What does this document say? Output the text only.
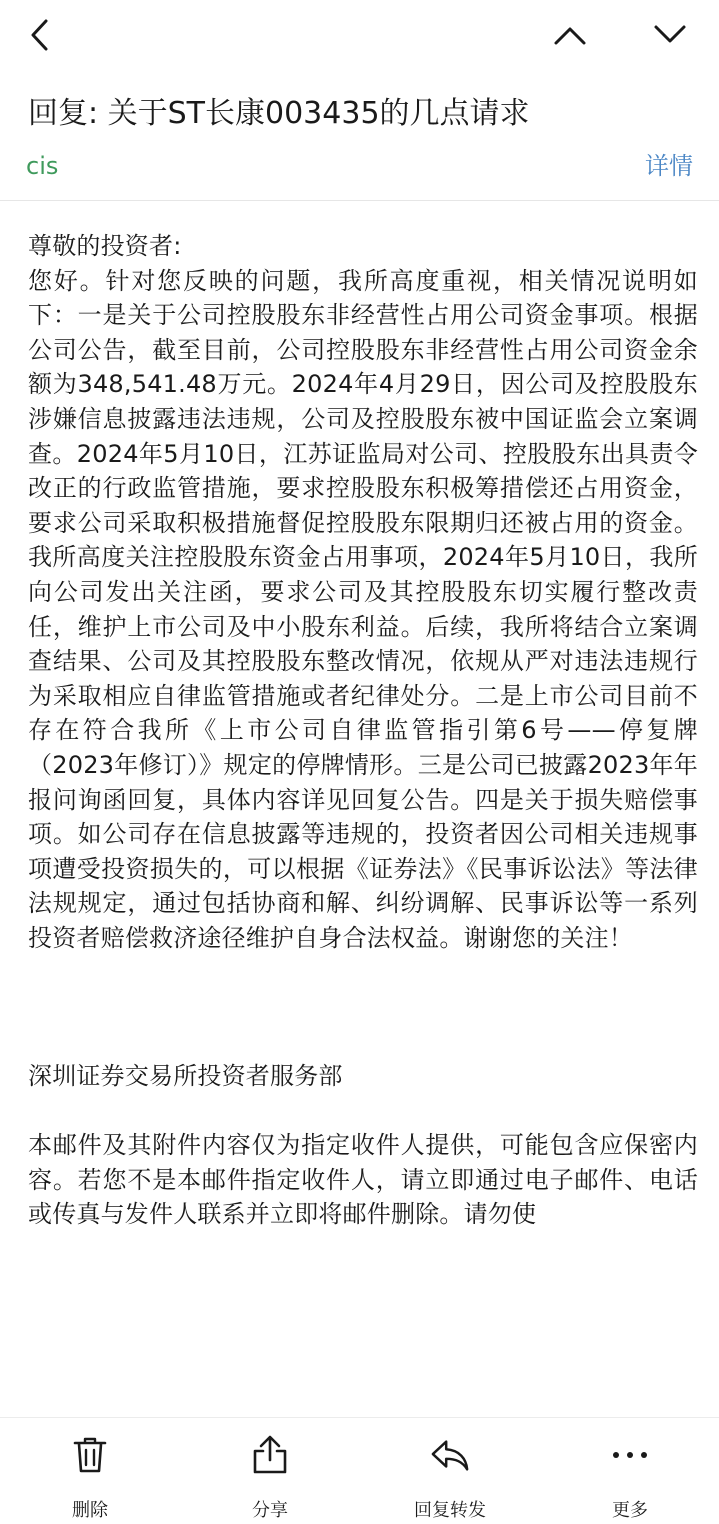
回复: 关于ST长康003435的几点请求
cis	详情

尊敬的投资者:

您好。针对您反映的问题，我所高度重视，相关情况说明如下：一是关于公司控股股东非经营性占用公司资金事项。根据公司公告，截至目前，公司控股股东非经营性占用公司资金余额为348,541.48万元。2024年4月29日，因公司及控股股东涉嫌信息披露违法违规，公司及控股股东被中国证监会立案调查。2024年5月10日，江苏证监局对公司、控股股东出具责令改正的行政监管措施，要求控股股东积极筹措偿还占用资金，要求公司采取积极措施督促控股股东限期归还被占用的资金。我所高度关注控股股东资金占用事项，2024年5月10日，我所向公司发出关注函，要求公司及其控股股东切实履行整改责任，维护上市公司及中小股东利益。后续，我所将结合立案调查结果、公司及其控股股东整改情况，依规从严对违法违规行为采取相应自律监管措施或者纪律处分。二是上市公司目前不存在符合我所《上市公司自律监管指引第6号——停复牌（2023年修订）》规定的停牌情形。三是公司已披露2023年年报问询函回复，具体内容详见回复公告。四是关于损失赔偿事项。如公司存在信息披露等违规的，投资者因公司相关违规事项遭受投资损失的，可以根据《证券法》《民事诉讼法》等法律法规规定，通过包括协商和解、纠纷调解、民事诉讼等一系列投资者赔偿救济途径维护自身合法权益。谢谢您的关注！

深圳证券交易所投资者服务部

本邮件及其附件内容仅为指定收件人提供，可能包含应保密内容。若您不是本邮件指定收件人，请立即通过电子邮件、电话或传真与发件人联系并立即将邮件删除。请勿使

删除	分享	回复转发	更多
